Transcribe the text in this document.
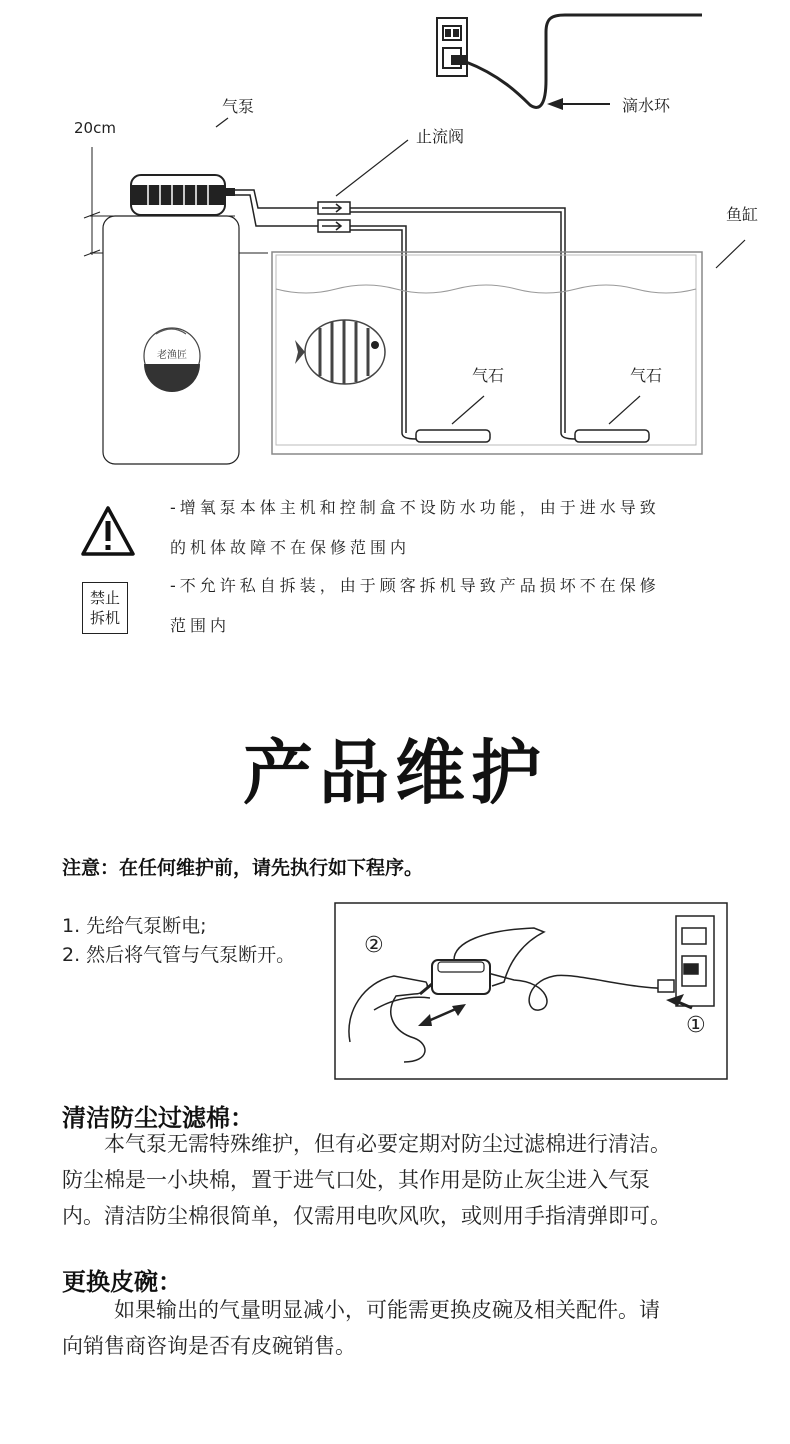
滴水环
气泵
止流阀
20cm
老渔匠
鱼缸
气石	气石
-增氧泵本体主机和控制盒不设防水功能，由于进水导致
的机体故障不在保修范围内
禁止
拆机
-不允许私自拆装，由于顾客拆机导致产品损坏不在保修
范围内
产品维护
注意：在任何维护前，请先执行如下程序。
1. 先给气泵断电;
2. 然后将气管与气泵断开。	②
①
清洁防尘过滤棉：
本气泵无需特殊维护，但有必要定期对防尘过滤棉进行清洁。
防尘棉是一小块棉，置于进气口处，其作用是防止灰尘进入气泵
内。清洁防尘棉很简单，仅需用电吹风吹，或则用手指清弹即可。
更换皮碗：
如果输出的气量明显减小，可能需更换皮碗及相关配件。请
向销售商咨询是否有皮碗销售。
